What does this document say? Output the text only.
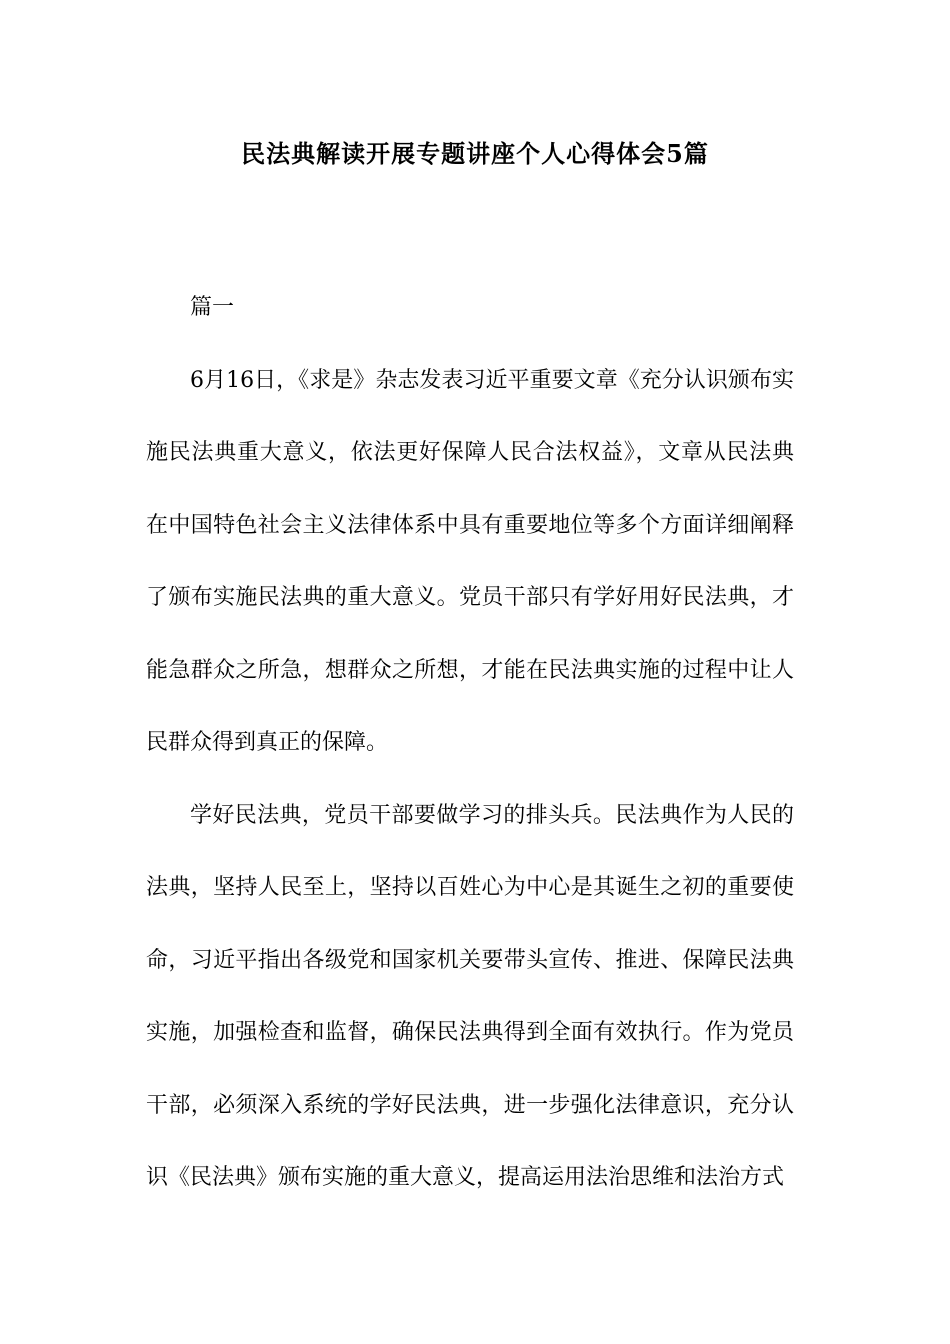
民法典解读开展专题讲座个人心得体会5篇

篇一

6月16日，《求是》杂志发表习近平重要文章《充分认识颁布实施民法典重大意义，依法更好保障人民合法权益》，文章从民法典在中国特色社会主义法律体系中具有重要地位等多个方面详细阐释了颁布实施民法典的重大意义。党员干部只有学好用好民法典，才能急群众之所急，想群众之所想，才能在民法典实施的过程中让人民群众得到真正的保障。

学好民法典，党员干部要做学习的排头兵。民法典作为人民的法典，坚持人民至上，坚持以百姓心为中心是其诞生之初的重要使命，习近平指出各级党和国家机关要带头宣传、推进、保障民法典实施，加强检查和监督，确保民法典得到全面有效执行。作为党员干部，必须深入系统的学好民法典，进一步强化法律意识，充分认识《民法典》颁布实施的重大意义，提高运用法治思维和法治方式
